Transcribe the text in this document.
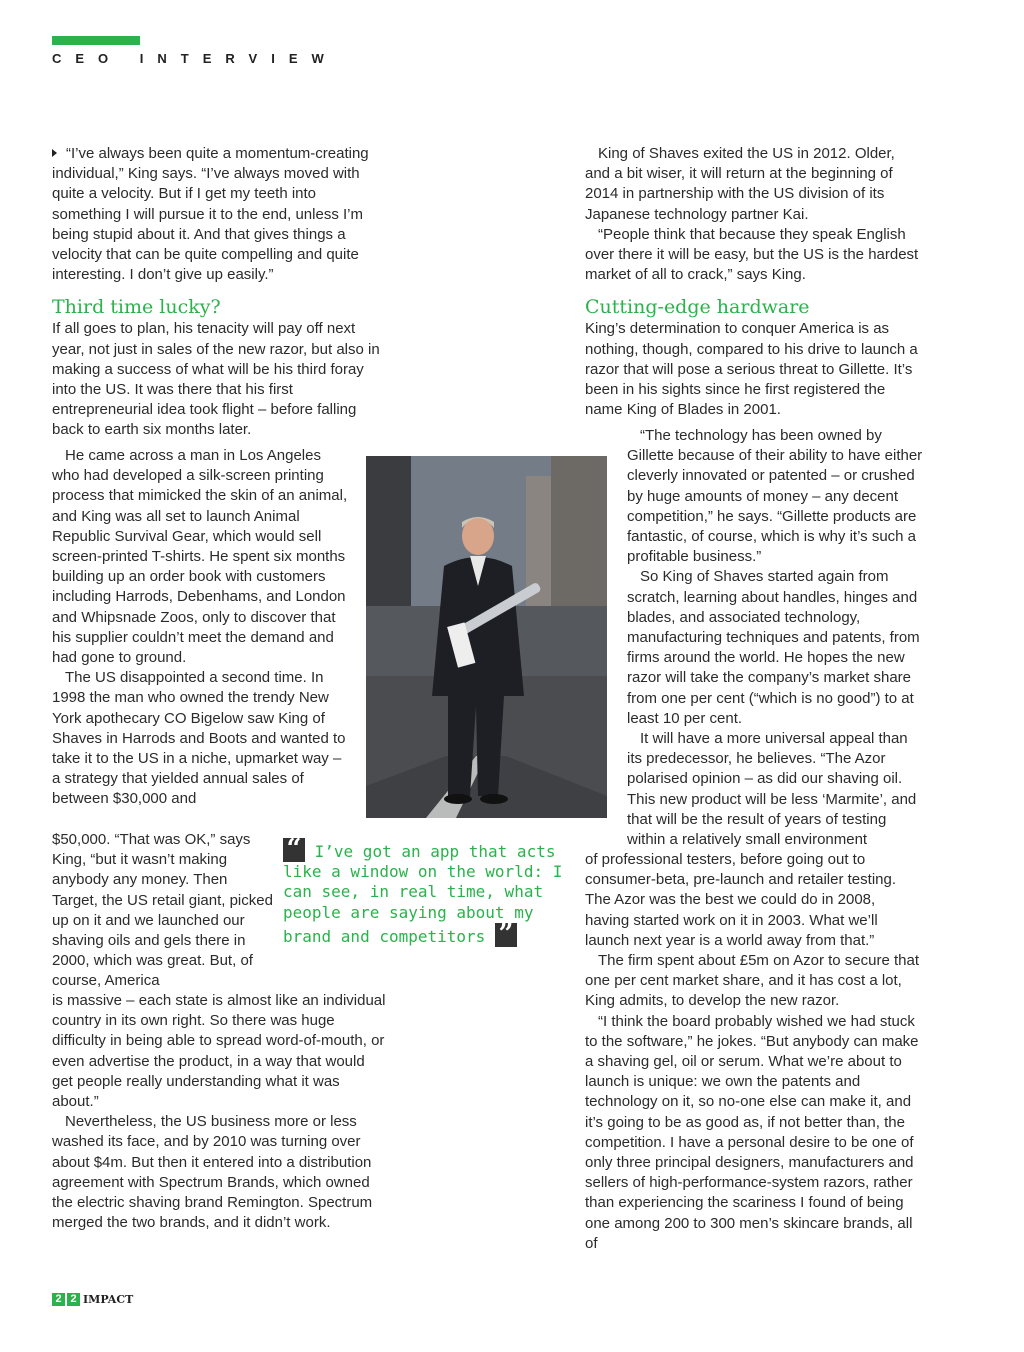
CEO INTERVIEW

“I’ve always been quite a momentum-creating individual,” King says. “I’ve always moved with quite a velocity. But if I get my teeth into something I will pursue it to the end, unless I’m being stupid about it. And that gives things a velocity that can be quite compelling and quite interesting. I don’t give up easily.”

Third time lucky?

If all goes to plan, his tenacity will pay off next year, not just in sales of the new razor, but also in making a success of what will be his third foray into the US. It was there that his first entrepreneurial idea took flight – before falling back to earth six months later.

He came across a man in Los Angeles who had developed a silk-screen printing process that mimicked the skin of an animal, and King was all set to launch Animal Republic Survival Gear, which would sell screen-printed T-shirts. He spent six months building up an order book with customers including Harrods, Debenhams, and London and Whipsnade Zoos, only to discover that his supplier couldn’t meet the demand and had gone to ground.

The US disappointed a second time. In 1998 the man who owned the trendy New York apothecary CO Bigelow saw King of Shaves in Harrods and Boots and wanted to take it to the US in a niche, upmarket way – a strategy that yielded annual sales of between $30,000 and

$50,000. “That was OK,” says King, “but it wasn’t making anybody any money. Then Target, the US retail giant, picked up on it and we launched our shaving oils and gels there in 2000, which was great. But, of course, America

is massive – each state is almost like an individual country in its own right. So there was huge difficulty in being able to spread word-of-mouth, or even advertise the product, in a way that would get people really understanding what it was about.”

Nevertheless, the US business more or less washed its face, and by 2010 was turning over about $4m. But then it entered into a distribution agreement with Spectrum Brands, which owned the electric shaving brand Remington. Spectrum merged the two brands, and it didn’t work.

“ I’ve got an app that acts like a window on the world: I can see, in real time, what people are saying about my brand and competitors ”

King of Shaves exited the US in 2012. Older, and a bit wiser, it will return at the beginning of 2014 in partnership with the US division of its Japanese technology partner Kai.

“People think that because they speak English over there it will be easy, but the US is the hardest market of all to crack,” says King.

Cutting-edge hardware

King’s determination to conquer America is as nothing, though, compared to his drive to launch a razor that will pose a serious threat to Gillette. It’s been in his sights since he first registered the name King of Blades in 2001.

“The technology has been owned by Gillette because of their ability to have either cleverly innovated or patented – or crushed by huge amounts of money – any decent competition,” he says. “Gillette products are fantastic, of course, which is why it’s such a profitable business.”

So King of Shaves started again from scratch, learning about handles, hinges and blades, and associated technology, manufacturing techniques and patents, from firms around the world. He hopes the new razor will take the company’s market share from one per cent (“which is no good”) to at least 10 per cent.

It will have a more universal appeal than its predecessor, he believes. “The Azor polarised opinion – as did our shaving oil. This new product will be less ‘Marmite’, and that will be the result of years of testing within a relatively small environment

of professional testers, before going out to consumer-beta, pre-launch and retailer testing. The Azor was the best we could do in 2008, having started work on it in 2003. What we’ll launch next year is a world away from that.”

The firm spent about £5m on Azor to secure that one per cent market share, and it has cost a lot, King admits, to develop the new razor.

“I think the board probably wished we had stuck to the software,” he jokes. “But anybody can make a shaving gel, oil or serum. What we’re about to launch is unique: we own the patents and technology on it, so no-one else can make it, and it’s going to be as good as, if not better than, the competition. I have a personal desire to be one of only three principal designers, manufacturers and sellers of high-performance-system razors, rather than experiencing the scariness I found of being one among 200 to 300 men’s skincare brands, all of

2 2 IMPACT
